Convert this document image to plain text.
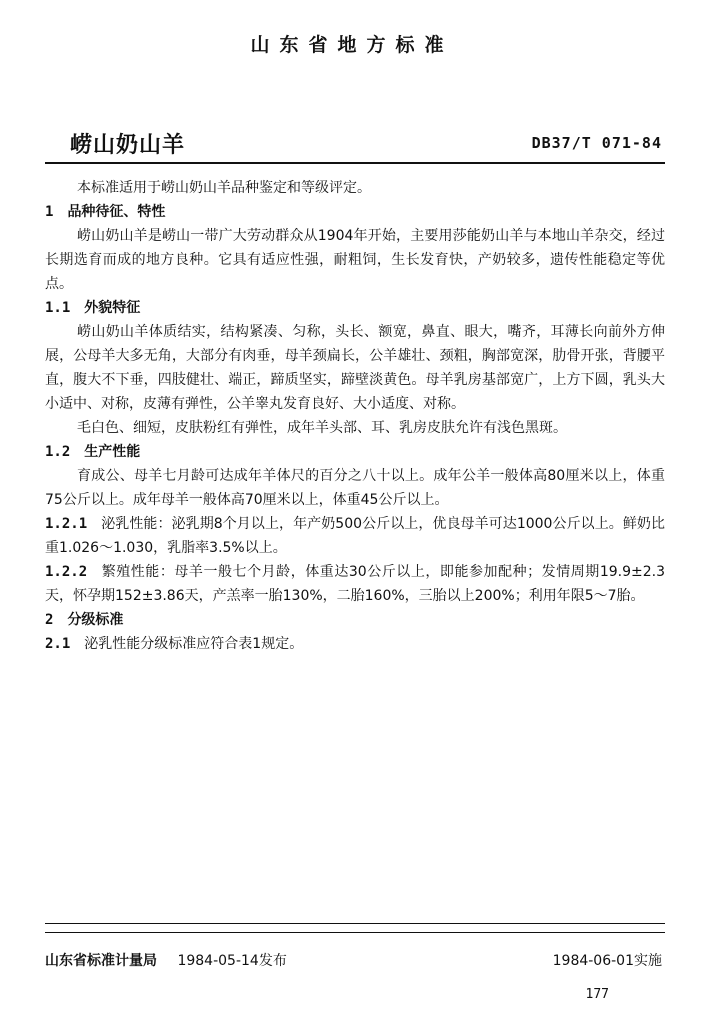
山东省地方标准
崂山奶山羊	DB37/T 071-84

本标准适用于崂山奶山羊品种鉴定和等级评定。

1 品种待征、特性

崂山奶山羊是崂山一带广大劳动群众从1904年开始，主要用莎能奶山羊与本地山羊杂交，经过长期选育而成的地方良种。它具有适应性强，耐粗饲，生长发育快，产奶较多，遗传性能稳定等优点。

1.1 外貌特征

崂山奶山羊体质结实，结构紧凑、匀称，头长、额宽，鼻直、眼大，嘴齐，耳薄长向前外方伸展，公母羊大多无角，大部分有肉垂，母羊颈扁长，公羊雄壮、颈粗，胸部宽深，肋骨开张，背腰平直，腹大不下垂，四肢健壮、端正，蹄质坚实，蹄壁淡黄色。母羊乳房基部宽广，上方下圆，乳头大小适中、对称，皮薄有弹性，公羊睾丸发育良好、大小适度、对称。

毛白色、细短，皮肤粉红有弹性，成年羊头部、耳、乳房皮肤允许有浅色黑斑。

1.2 生产性能

育成公、母羊七月龄可达成年羊体尺的百分之八十以上。成年公羊一般体高80厘米以上，体重75公斤以上。成年母羊一般体高70厘米以上，体重45公斤以上。

1.2.1 泌乳性能：泌乳期8个月以上，年产奶500公斤以上，优良母羊可达1000公斤以上。鲜奶比重1.026～1.030，乳脂率3.5%以上。

1.2.2 繁殖性能：母羊一般七个月龄，体重达30公斤以上，即能参加配种；发情周期19.9±2.3天，怀孕期152±3.86天，产羔率一胎130%，二胎160%，三胎以上200%；利用年限5～7胎。

2 分级标准

2.1 泌乳性能分级标准应符合表1规定。

山东省标准计量局 1984-05-14发布	1984-06-01实施
177
